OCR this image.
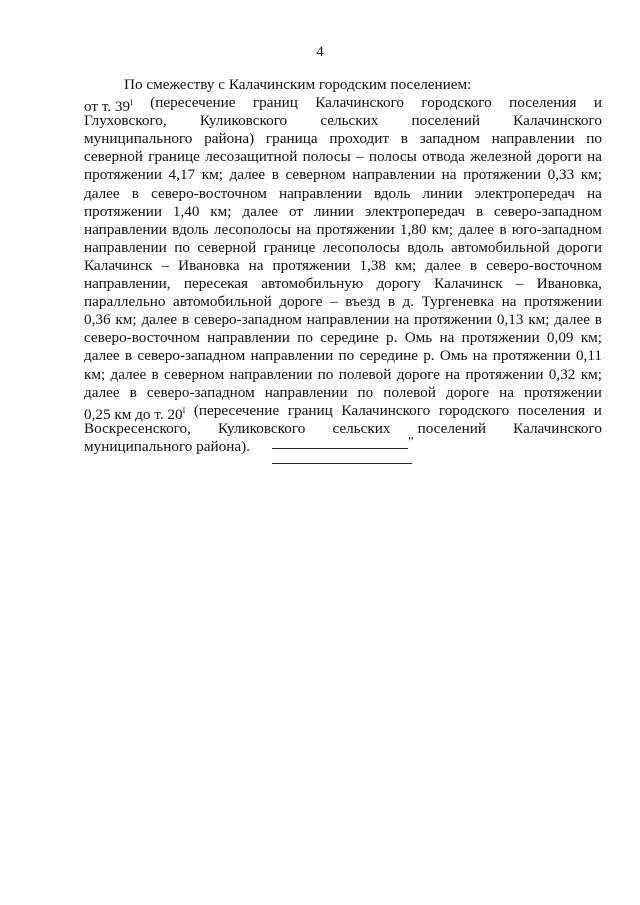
4
По смежеству с Калачинским городским поселением:
от т. $39^I$ (пересечение границ Калачинского городского поселения и
Глуховского, Куликовского сельских поселений Калачинского
муниципального района) граница проходит в западном направлении по
северной границе лесозащитной полосы – полосы отвода железной дороги на
протяжении 4,17 км; далее в северном направлении на протяжении 0,33 км;
далее в северо-восточном направлении вдоль линии электропередач на
протяжении 1,40 км; далее от линии электропередач в северо-западном
направлении вдоль лесополосы на протяжении 1,80 км; далее в юго-западном
направлении по северной границе лесополосы вдоль автомобильной дороги
Калачинск – Ивановка на протяжении 1,38 км; далее в северо-восточном
направлении, пересекая автомобильную дорогу Калачинск – Ивановка,
параллельно автомобильной дороге – въезд в д. Тургеневка на протяжении
0,36 км; далее в северо-западном направлении на протяжении 0,13 км; далее в
северо-восточном направлении по середине р. Омь на протяжении 0,09 км;
далее в северо-западном направлении по середине р. Омь на протяжении 0,11
км; далее в северном направлении по полевой дороге на протяжении 0,32 км;
далее в северо-западном направлении по полевой дороге на протяжении
0,25 км до т. $20^I$ (пересечение границ Калачинского городского поселения и
Воскресенского, Куликовского сельских поселений Калачинского
муниципального района).	"
